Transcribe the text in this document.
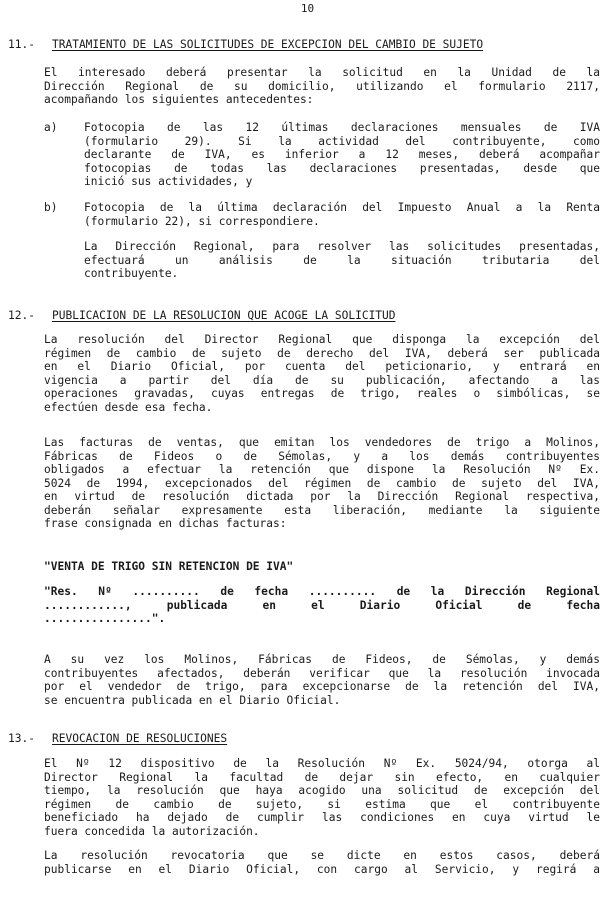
10
11.- TRATAMIENTO DE LAS SOLICITUDES DE EXCEPCION DEL CAMBIO DE SUJETO
El interesado deberá presentar la solicitud en la Unidad de la
Dirección Regional de su domicilio, utilizando el formulario 2117,
acompañando los siguientes antecedentes:
a) Fotocopia de las 12 últimas declaraciones mensuales de IVA
(formulario 29). Si la actividad del contribuyente, como
declarante de IVA, es inferior a 12 meses, deberá acompañar
fotocopias de todas las declaraciones presentadas, desde que
inició sus actividades, y
b) Fotocopia de la última declaración del Impuesto Anual a la Renta
(formulario 22), si correspondiere.
La Dirección Regional, para resolver las solicitudes presentadas,
efectuará un análisis de la situación tributaria del
contribuyente.
12.- PUBLICACION DE LA RESOLUCION QUE ACOGE LA SOLICITUD
La resolución del Director Regional que disponga la excepción del
régimen de cambio de sujeto de derecho del IVA, deberá ser publicada
en el Diario Oficial, por cuenta del peticionario, y entrará en
vigencia a partir del día de su publicación, afectando a las
operaciones gravadas, cuyas entregas de trigo, reales o simbólicas, se
efectúen desde esa fecha.
Las facturas de ventas, que emitan los vendedores de trigo a Molinos,
Fábricas de Fideos o de Sémolas, y a los demás contribuyentes
obligados a efectuar la retención que dispone la Resolución Nº Ex.
5024 de 1994, excepcionados del régimen de cambio de sujeto del IVA,
en virtud de resolución dictada por la Dirección Regional respectiva,
deberán señalar expresamente esta liberación, mediante la siguiente
frase consignada en dichas facturas:
"VENTA DE TRIGO SIN RETENCION DE IVA"
"Res. Nº .......... de fecha .......... de la Dirección Regional
............, publicada en el Diario Oficial de fecha
................".
A su vez los Molinos, Fábricas de Fideos, de Sémolas, y demás
contribuyentes afectados, deberán verificar que la resolución invocada
por el vendedor de trigo, para excepcionarse de la retención del IVA,
se encuentra publicada en el Diario Oficial.
13.- REVOCACION DE RESOLUCIONES
El Nº 12 dispositivo de la Resolución Nº Ex. 5024/94, otorga al
Director Regional la facultad de dejar sin efecto, en cualquier
tiempo, la resolución que haya acogido una solicitud de excepción del
régimen de cambio de sujeto, si estima que el contribuyente
beneficiado ha dejado de cumplir las condiciones en cuya virtud le
fuera concedida la autorización.
La resolución revocatoria que se dicte en estos casos, deberá
publicarse en el Diario Oficial, con cargo al Servicio, y regirá a
